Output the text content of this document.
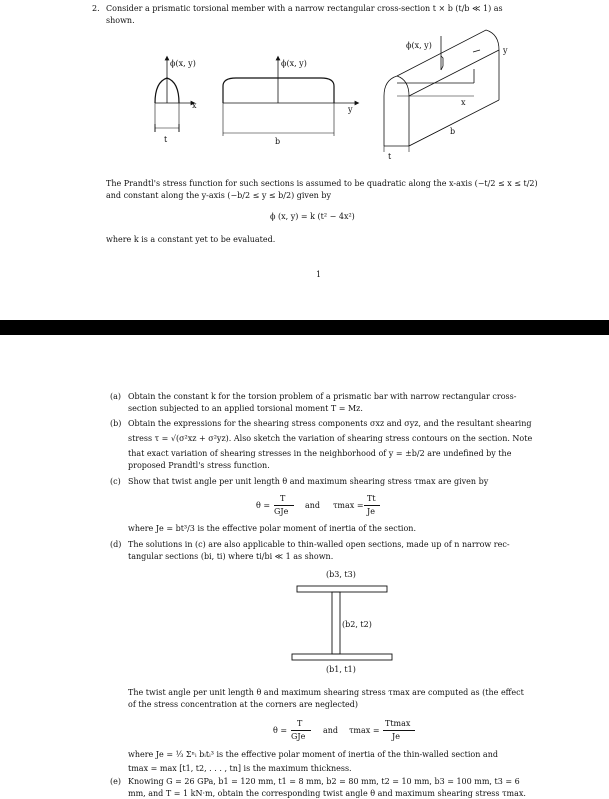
2. Consider a prismatic torsional member with a narrow rectangular cross-section t × b (t/b ≪ 1) as
shown.
ϕ(x, y)
x
t
ϕ(x, y)
y
b
ϕ(x, y)
y
x
b
t
The Prandtl's stress function for such sections is assumed to be quadratic along the x-axis (−t/2 ≤ x ≤ t/2)
and constant along the y-axis (−b/2 ≤ y ≤ b/2) given by
ϕ (x, y) = k (t² − 4x²)
where k is a constant yet to be evaluated.
1
(a) Obtain the constant k for the torsion problem of a prismatic bar with narrow rectangular cross-
section subjected to an applied torsional moment T = Mz.
(b) Obtain the expressions for the shearing stress components σxz and σyz, and the resultant shearing
stress τ = √(σ²xz + σ²yz). Also sketch the variation of shearing stress contours on the section. Note
that exact variation of shearing stresses in the neighborhood of y = ±b/2 are undefined by the
proposed Prandtl's stress function.
(c) Show that twist angle per unit length θ and maximum shearing stress τmax are given by
θ =
T
GJe
and τmax =
Tt
Je
where Je = bt³/3 is the effective polar moment of inertia of the section.
(d) The solutions in (c) are also applicable to thin-walled open sections, made up of n narrow rec-
tangular sections (bi, ti) where ti/bi ≪ 1 as shown.
(b3, t3)
(b2, t2)
(b1, t1)
The twist angle per unit length θ and maximum shearing stress τmax are computed as (the effect
of the stress concentration at the corners are neglected)
θ =
T
GJe
and τmax =
Ttmax
Je
where Je = ⅓ Σⁿᵢ bᵢtᵢ³ is the effective polar moment of inertia of the thin-walled section and
tmax = max [t1, t2, . . . , tn] is the maximum thickness.
(e) Knowing G = 26 GPa, b1 = 120 mm, t1 = 8 mm, b2 = 80 mm, t2 = 10 mm, b3 = 100 mm, t3 = 6
mm, and T = 1 kN·m, obtain the corresponding twist angle θ and maximum shearing stress τmax.
